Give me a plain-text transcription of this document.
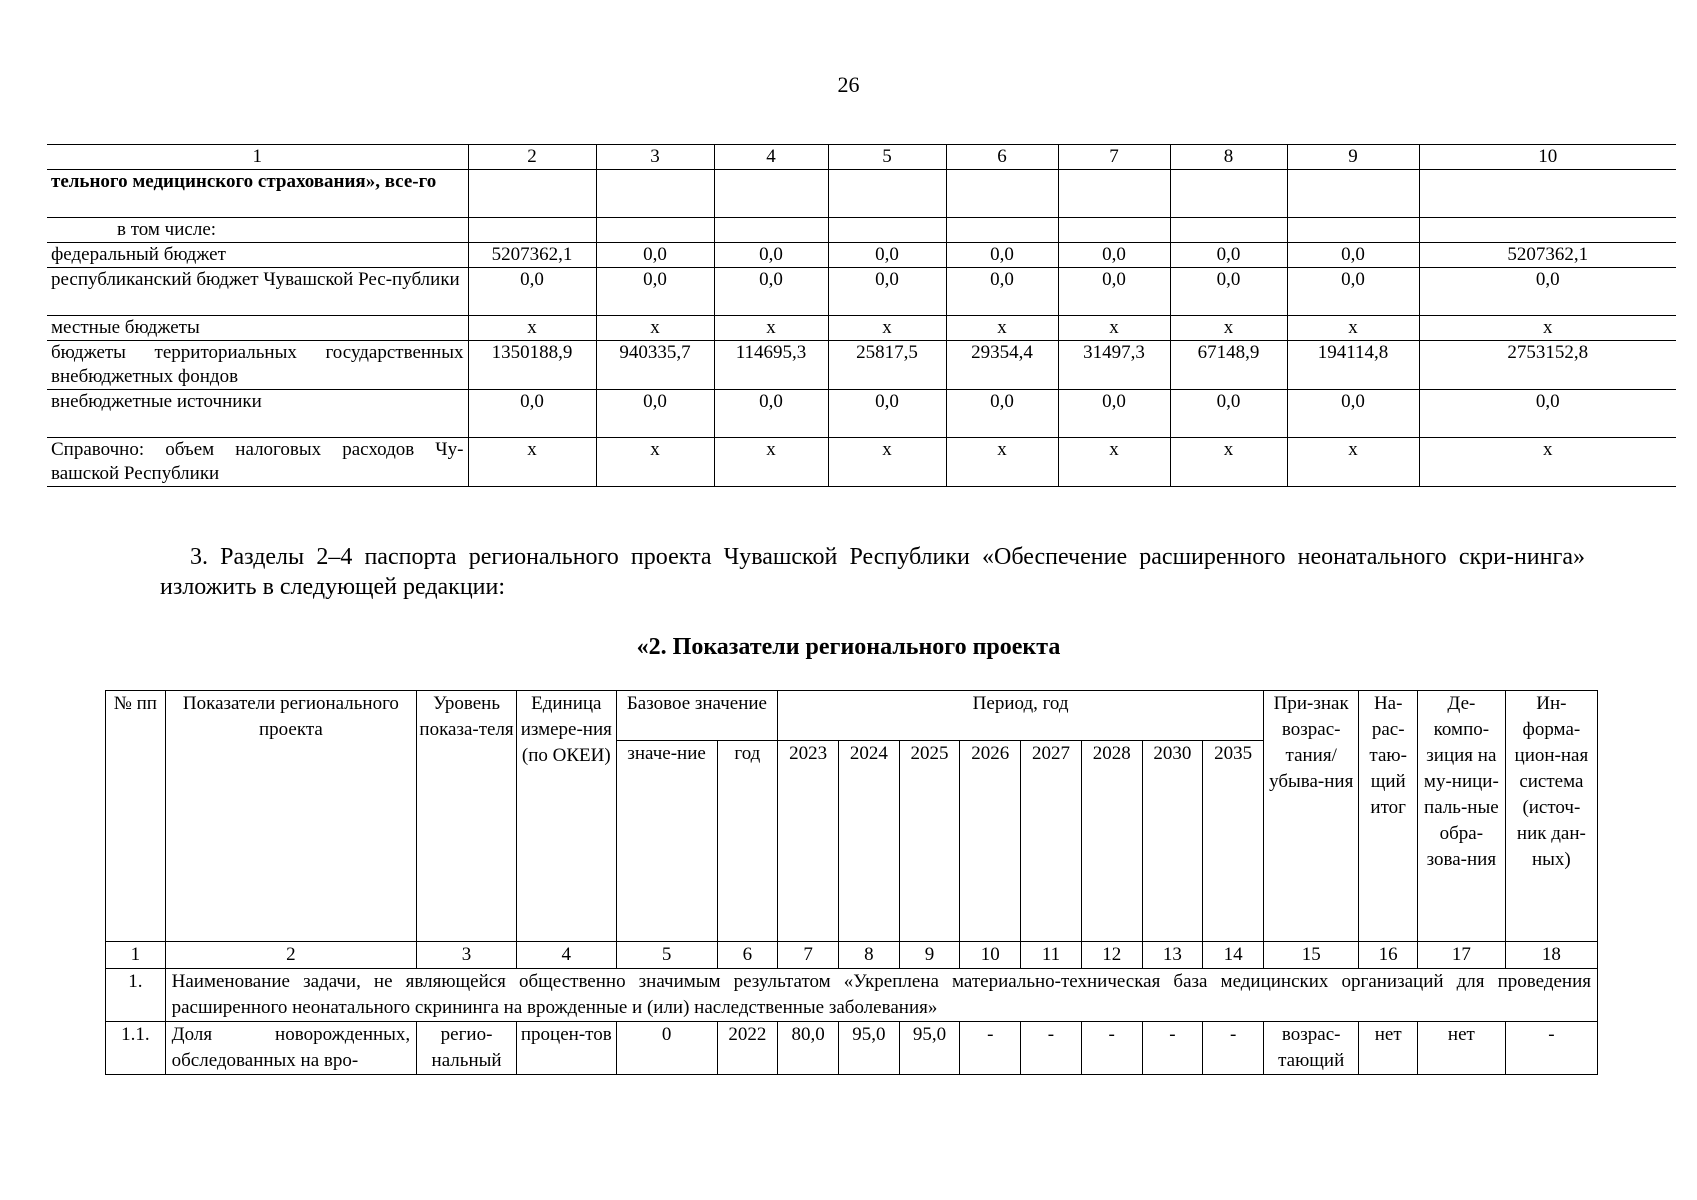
26
1	2	3	4	5	6	7	8	9	10
тельного медицинского страхования», все-го									
в том числе:									
федеральный бюджет	5207362,1	0,0	0,0	0,0	0,0	0,0	0,0	0,0	5207362,1
республиканский бюджет Чувашской Рес-публики	0,0	0,0	0,0	0,0	0,0	0,0	0,0	0,0	0,0
местные бюджеты	х	х	х	х	х	х	х	х	х
бюджеты территориальных государственных внебюджетных фондов	1350188,9	940335,7	114695,3	25817,5	29354,4	31497,3	67148,9	194114,8	2753152,8
внебюджетные источники	0,0	0,0	0,0	0,0	0,0	0,0	0,0	0,0	0,0
Справочно: объем налоговых расходов Чу-вашской Республики	х	х	х	х	х	х	х	х	х

3. Разделы 2–4 паспорта регионального проекта Чувашской Республики «Обеспечение расширенного неонатального скри-нинга» изложить в следующей редакции:

«2. Показатели регионального проекта
№ пп	Показатели регионального проекта	Уровень показа-теля	Единица измере-ния (по ОКЕИ)	Базовое значение		Период, год								При-знак возрас-тания/ убыва-ния	На-рас-таю-щий итог	Де-компо-зиция на му-ници-паль-ные обра-зова-ния	Ин-форма-цион-ная система (источ-ник дан-ных)
				значе-ние	год	2023	2024	2025	2026	2027	2028	2030	2035				
1	2	3	4	5	6	7	8	9	10	11	12	13	14	15	16	17	18
1.	Наименование задачи, не являющейся общественно значимым результатом «Укреплена материально-техническая база медицинских организаций для проведения расширенного неонатального скрининга на врожденные и (или) наследственные заболевания»																
1.1.	Доля новорожденных, обследованных на вро-	регио-нальный	процен-тов	0	2022	80,0	95,0	95,0	-	-	-	-	-	возрас-тающий	нет	нет	-
